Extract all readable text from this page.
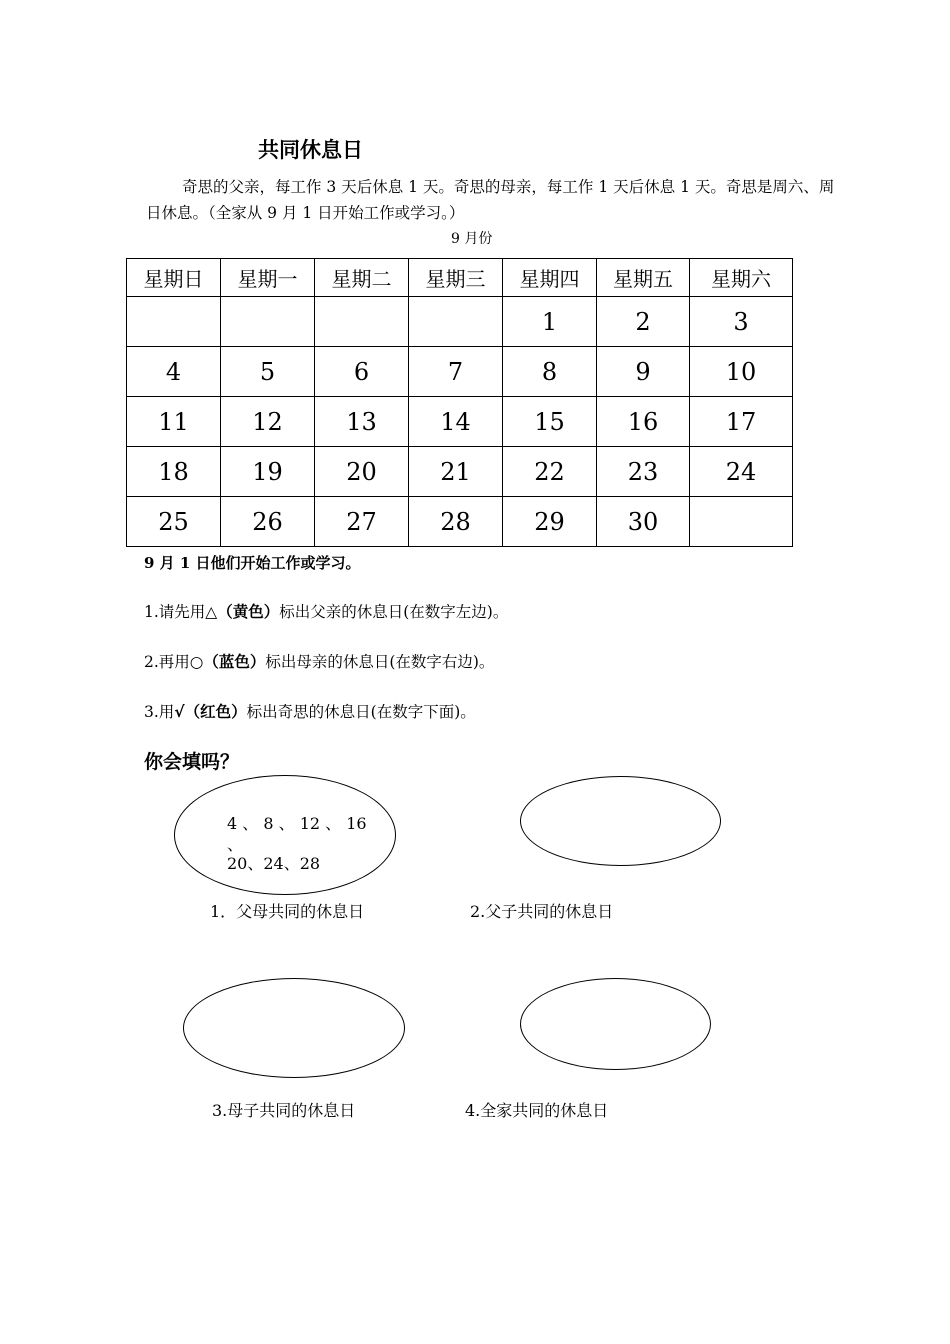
共同休息日
奇思的父亲，每工作 3 天后休息 1 天。奇思的母亲，每工作 1 天后休息 1 天。奇思是周六、周日休息。（全家从 9 月 1 日开始工作或学习。）
9 月份
星期日	星期一	星期二	星期三	星期四	星期五	星期六
				1	2	3
4	5	6	7	8	9	10
11	12	13	14	15	16	17
18	19	20	21	22	23	24
25	26	27	28	29	30	
9 月 1 日他们开始工作或学习。
1.请先用△（黄色）标出父亲的休息日(在数字左边)。
2.再用○（蓝色）标出母亲的休息日(在数字右边)。
3.用√（红色）标出奇思的休息日(在数字下面)。
你会填吗？
4 、 8 、 12 、 16
、
20、24、28
1．父母共同的休息日	2.父子共同的休息日
3.母子共同的休息日	4.全家共同的休息日
